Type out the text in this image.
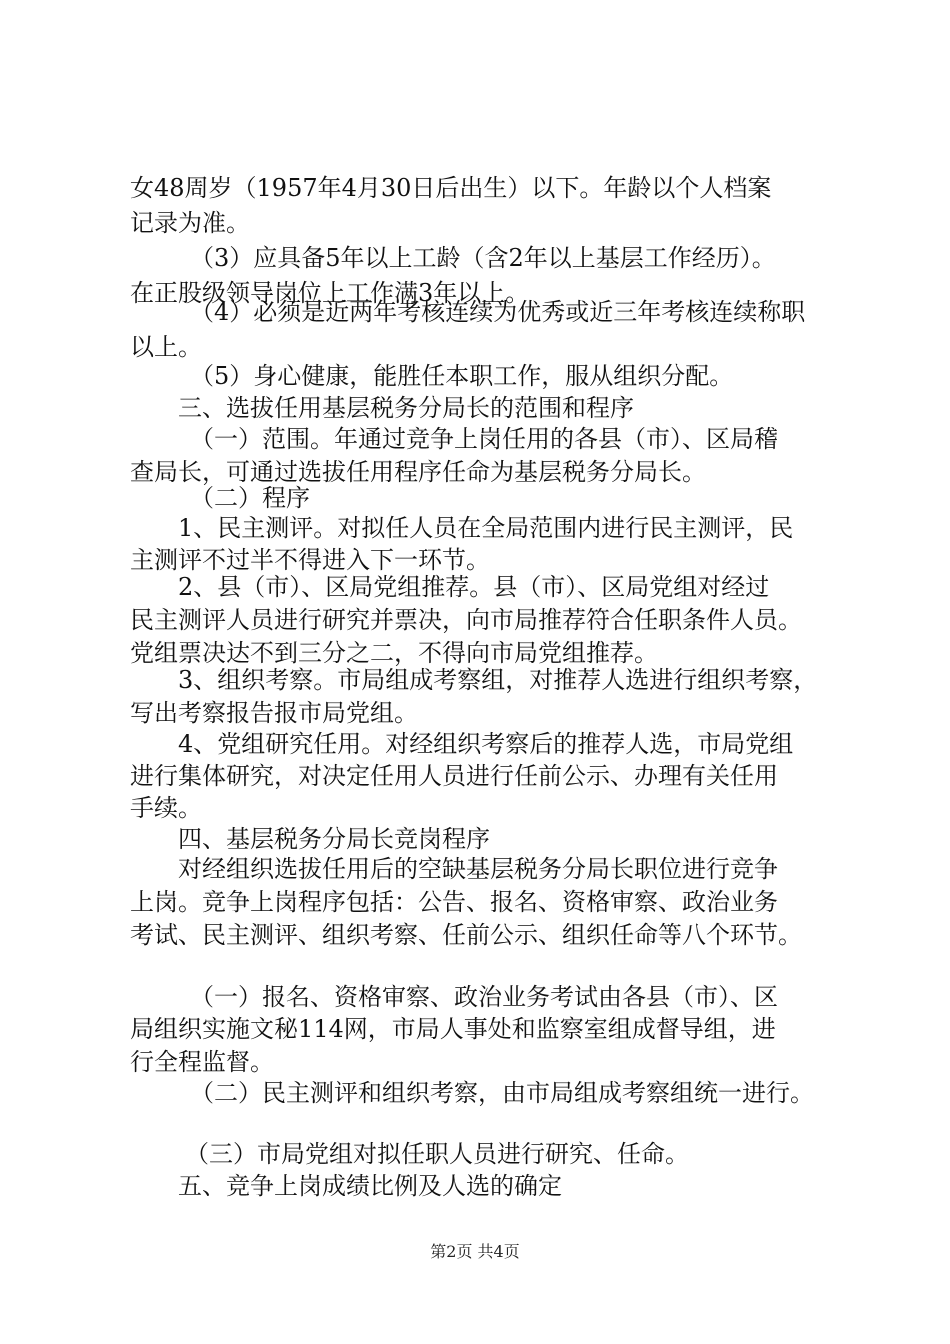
女48周岁（1957年4月30日后出生）以下。年龄以个人档案

记录为准。

（3）应具备5年以上工龄（含2年以上基层工作经历）。

在正股级领导岗位上工作满3年以上。

（4）必须是近两年考核连续为优秀或近三年考核连续称职

以上。

（5）身心健康，能胜任本职工作，服从组织分配。

三、选拔任用基层税务分局长的范围和程序

（一）范围。年通过竞争上岗任用的各县（市）、区局稽

查局长，可通过选拔任用程序任命为基层税务分局长。

（二）程序

1、民主测评。对拟任人员在全局范围内进行民主测评，民

主测评不过半不得进入下一环节。

2、县（市）、区局党组推荐。县（市）、区局党组对经过

民主测评人员进行研究并票决，向市局推荐符合任职条件人员。

党组票决达不到三分之二，不得向市局党组推荐。

3、组织考察。市局组成考察组，对推荐人选进行组织考察，

写出考察报告报市局党组。

4、党组研究任用。对经组织考察后的推荐人选，市局党组

进行集体研究，对决定任用人员进行任前公示、办理有关任用

手续。

四、基层税务分局长竞岗程序

对经组织选拔任用后的空缺基层税务分局长职位进行竞争

上岗。竞争上岗程序包括：公告、报名、资格审察、政治业务

考试、民主测评、组织考察、任前公示、组织任命等八个环节。

（一）报名、资格审察、政治业务考试由各县（市）、区

局组织实施文秘114网，市局人事处和监察室组成督导组，进

行全程监督。

（二）民主测评和组织考察，由市局组成考察组统一进行。

（三）市局党组对拟任职人员进行研究、任命。

五、竞争上岗成绩比例及人选的确定

第2页 共4页
